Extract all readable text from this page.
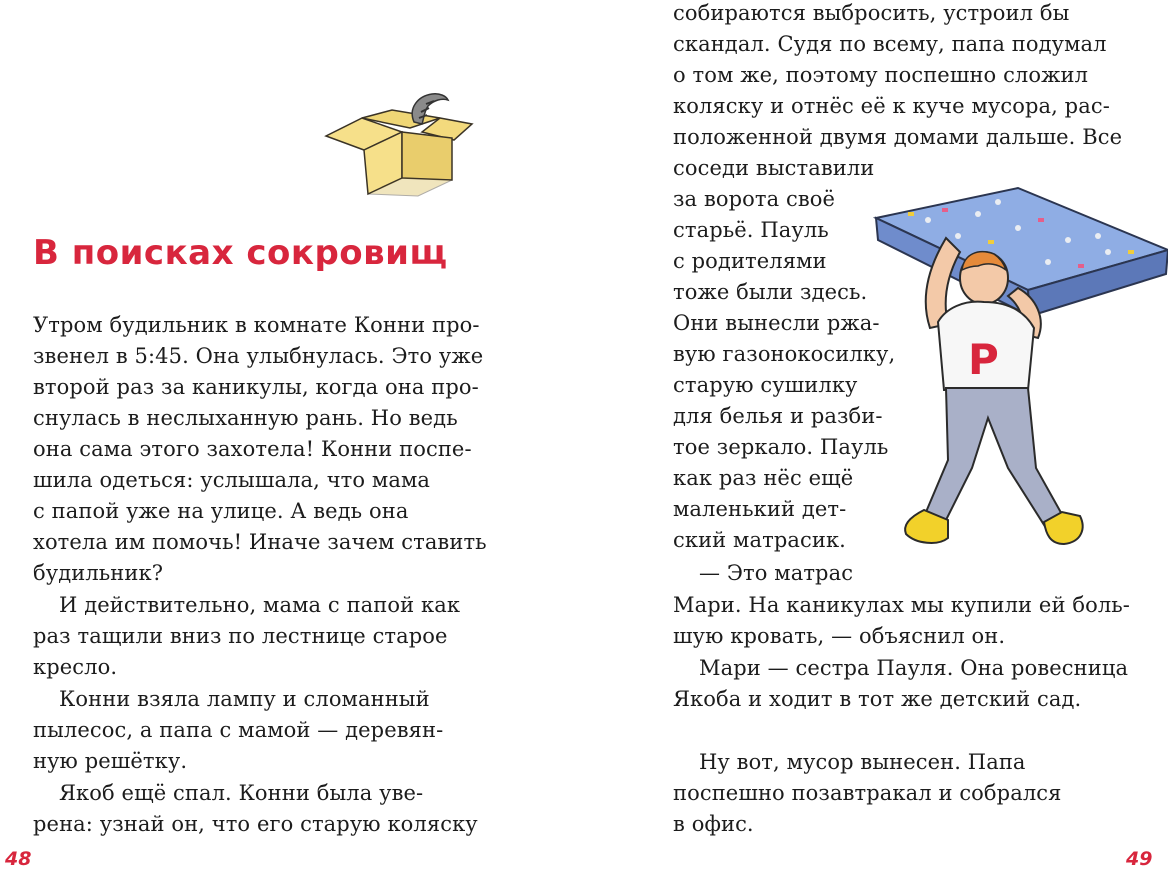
В поисках сокровищ
Утром будильник в комнате Конни про-
звенел в 5:45. Она улыбнулась. Это уже
второй раз за каникулы, когда она про-
снулась в неслыханную рань. Но ведь
она сама этого захотела! Конни поспе-
шила одеться: услышала, что мама
с папой уже на улице. А ведь она
хотела им помочь! Иначе зачем ставить
будильник?
И действительно, мама с папой как
раз тащили вниз по лестнице старое
кресло.
Конни взяла лампу и сломанный
пылесос, а папа с мамой — деревян-
ную решётку.
Якоб ещё спал. Конни была уве-
рена: узнай он, что его старую коляску
48
P
собираются выбросить, устроил бы
скандал. Судя по всему, папа подумал
о том же, поэтому поспешно сложил
коляску и отнёс её к куче мусора, рас-
положенной двумя домами дальше. Все
соседи выставили
за ворота своё
старьё. Пауль
с родителями
тоже были здесь.
Они вынесли ржа-
вую газонокосилку,
старую сушилку
для белья и разби-
тое зеркало. Пауль
как раз нёс ещё
маленький дет-
ский матрасик.
— Это матрас
Мари. На каникулах мы купили ей боль-
шую кровать, — объяснил он.
Мари — сестра Пауля. Она ровесница
Якоба и ходит в тот же детский сад.
Ну вот, мусор вынесен. Папа
поспешно позавтракал и собрался
в офис.
49
